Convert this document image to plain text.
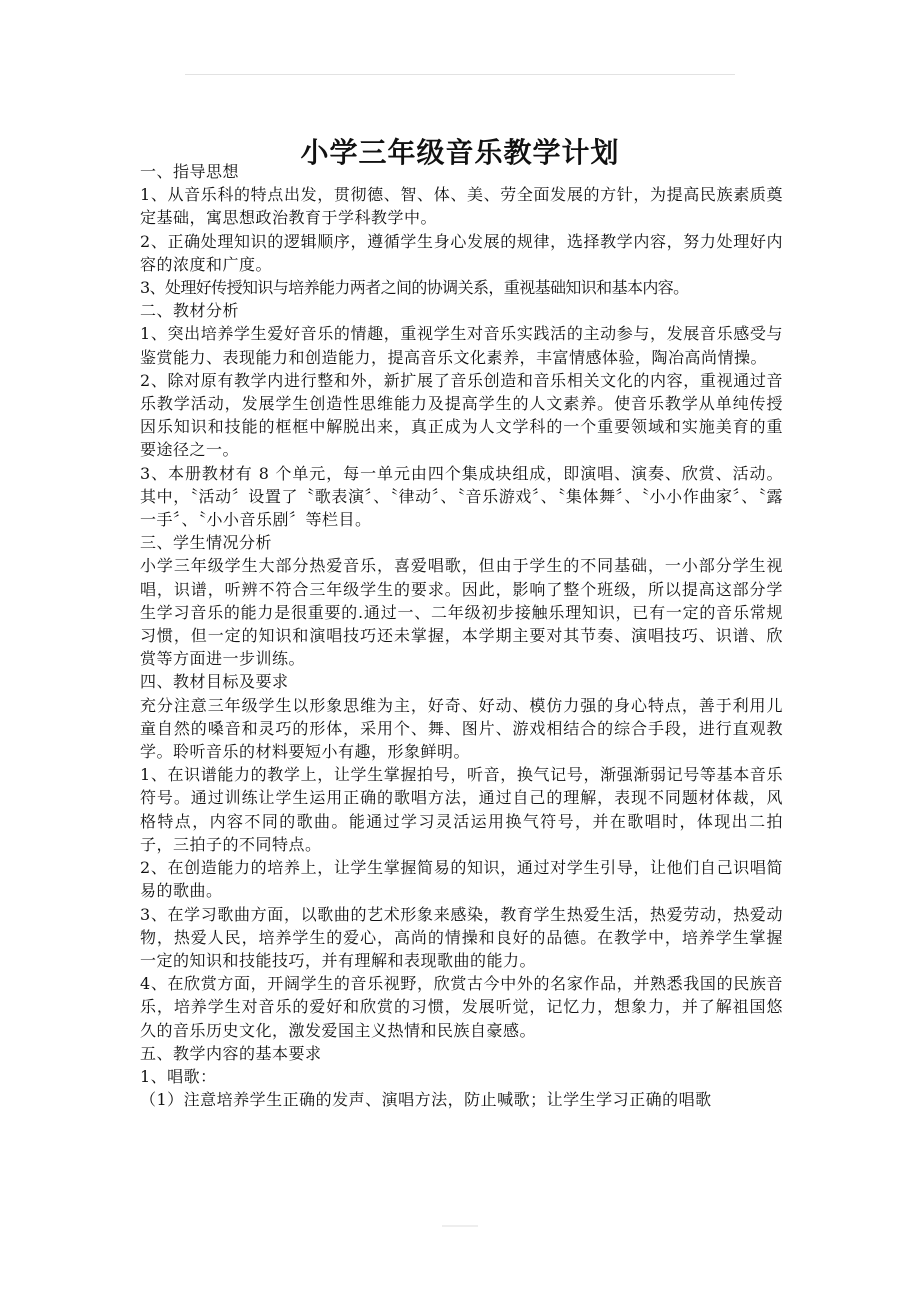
小学三年级音乐教学计划

一、指导思想

1、从音乐科的特点出发，贯彻德、智、体、美、劳全面发展的方针，为提高民族素质奠定基础，寓思想政治教育于学科教学中。

2、正确处理知识的逻辑顺序，遵循学生身心发展的规律，选择教学内容，努力处理好内容的浓度和广度。

3、处理好传授知识与培养能力两者之间的协调关系，重视基础知识和基本内容。

二、教材分析

1、突出培养学生爱好音乐的情趣，重视学生对音乐实践活的主动参与，发展音乐感受与鉴赏能力、表现能力和创造能力，提高音乐文化素养，丰富情感体验，陶冶高尚情操。

2、除对原有教学内进行整和外，新扩展了音乐创造和音乐相关文化的内容，重视通过音乐教学活动，发展学生创造性思维能力及提高学生的人文素养。使音乐教学从单纯传授因乐知识和技能的框框中解脱出来，真正成为人文学科的一个重要领域和实施美育的重要途径之一。

3、本册教材有 8 个单元，每一单元由四个集成块组成，即演唱、演奏、欣赏、活动。其中，〝活动〞设置了〝歌表演〞、〝律动〞、〝音乐游戏〞、〝集体舞〞、〝小小作曲家〞、〝露一手〞、〝小小音乐剧〞等栏目。

三、学生情况分析

小学三年级学生大部分热爱音乐，喜爱唱歌，但由于学生的不同基础，一小部分学生视唱，识谱，听辨不符合三年级学生的要求。因此，影响了整个班级，所以提高这部分学生学习音乐的能力是很重要的.通过一、二年级初步接触乐理知识，已有一定的音乐常规习惯，但一定的知识和演唱技巧还未掌握，本学期主要对其节奏、演唱技巧、识谱、欣赏等方面进一步训练。

四、教材目标及要求

充分注意三年级学生以形象思维为主，好奇、好动、模仿力强的身心特点，善于利用儿童自然的嗓音和灵巧的形体，采用个、舞、图片、游戏相结合的综合手段，进行直观教学。聆听音乐的材料要短小有趣，形象鲜明。

1、在识谱能力的教学上，让学生掌握拍号，听音，换气记号，渐强渐弱记号等基本音乐符号。通过训练让学生运用正确的歌唱方法，通过自己的理解，表现不同题材体裁，风格特点，内容不同的歌曲。能通过学习灵活运用换气符号，并在歌唱时，体现出二拍子，三拍子的不同特点。

2、在创造能力的培养上，让学生掌握简易的知识，通过对学生引导，让他们自己识唱简易的歌曲。

3、在学习歌曲方面，以歌曲的艺术形象来感染，教育学生热爱生活，热爱劳动，热爱动物，热爱人民，培养学生的爱心，高尚的情操和良好的品德。在教学中，培养学生掌握一定的知识和技能技巧，并有理解和表现歌曲的能力。

4、在欣赏方面，开阔学生的音乐视野，欣赏古今中外的名家作品，并熟悉我国的民族音乐，培养学生对音乐的爱好和欣赏的习惯，发展听觉，记忆力，想象力，并了解祖国悠久的音乐历史文化，激发爱国主义热情和民族自豪感。

五、教学内容的基本要求

1、唱歌：

（1）注意培养学生正确的发声、演唱方法，防止喊歌；让学生学习正确的唱歌
